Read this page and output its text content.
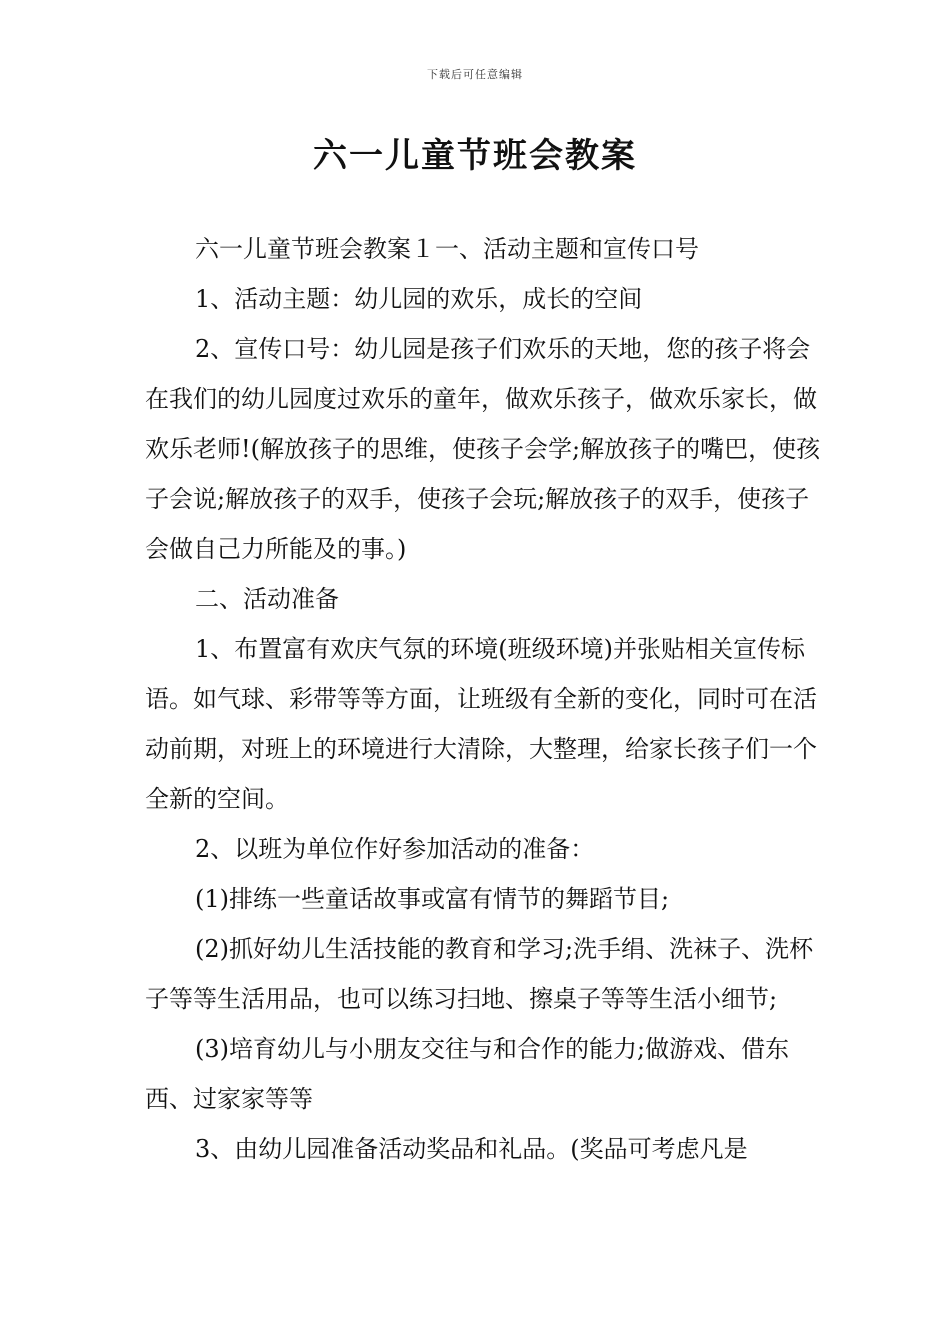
下载后可任意编辑
六一儿童节班会教案

六一儿童节班会教案１一、活动主题和宣传口号

1、活动主题：幼儿园的欢乐，成长的空间

2、宣传口号：幼儿园是孩子们欢乐的天地，您的孩子将会在我们的幼儿园度过欢乐的童年，做欢乐孩子，做欢乐家长，做欢乐老师!(解放孩子的思维，使孩子会学;解放孩子的嘴巴，使孩子会说;解放孩子的双手，使孩子会玩;解放孩子的双手，使孩子会做自己力所能及的事。)

二、活动准备

1、布置富有欢庆气氛的环境(班级环境)并张贴相关宣传标语。如气球、彩带等等方面，让班级有全新的变化，同时可在活动前期，对班上的环境进行大清除，大整理，给家长孩子们一个全新的空间。

2、以班为单位作好参加活动的准备：

(1)排练一些童话故事或富有情节的舞蹈节目;

(2)抓好幼儿生活技能的教育和学习;洗手绢、洗袜子、洗杯子等等生活用品，也可以练习扫地、擦桌子等等生活小细节;

(3)培育幼儿与小朋友交往与和合作的能力;做游戏、借东西、过家家等等

3、由幼儿园准备活动奖品和礼品。(奖品可考虑凡是
